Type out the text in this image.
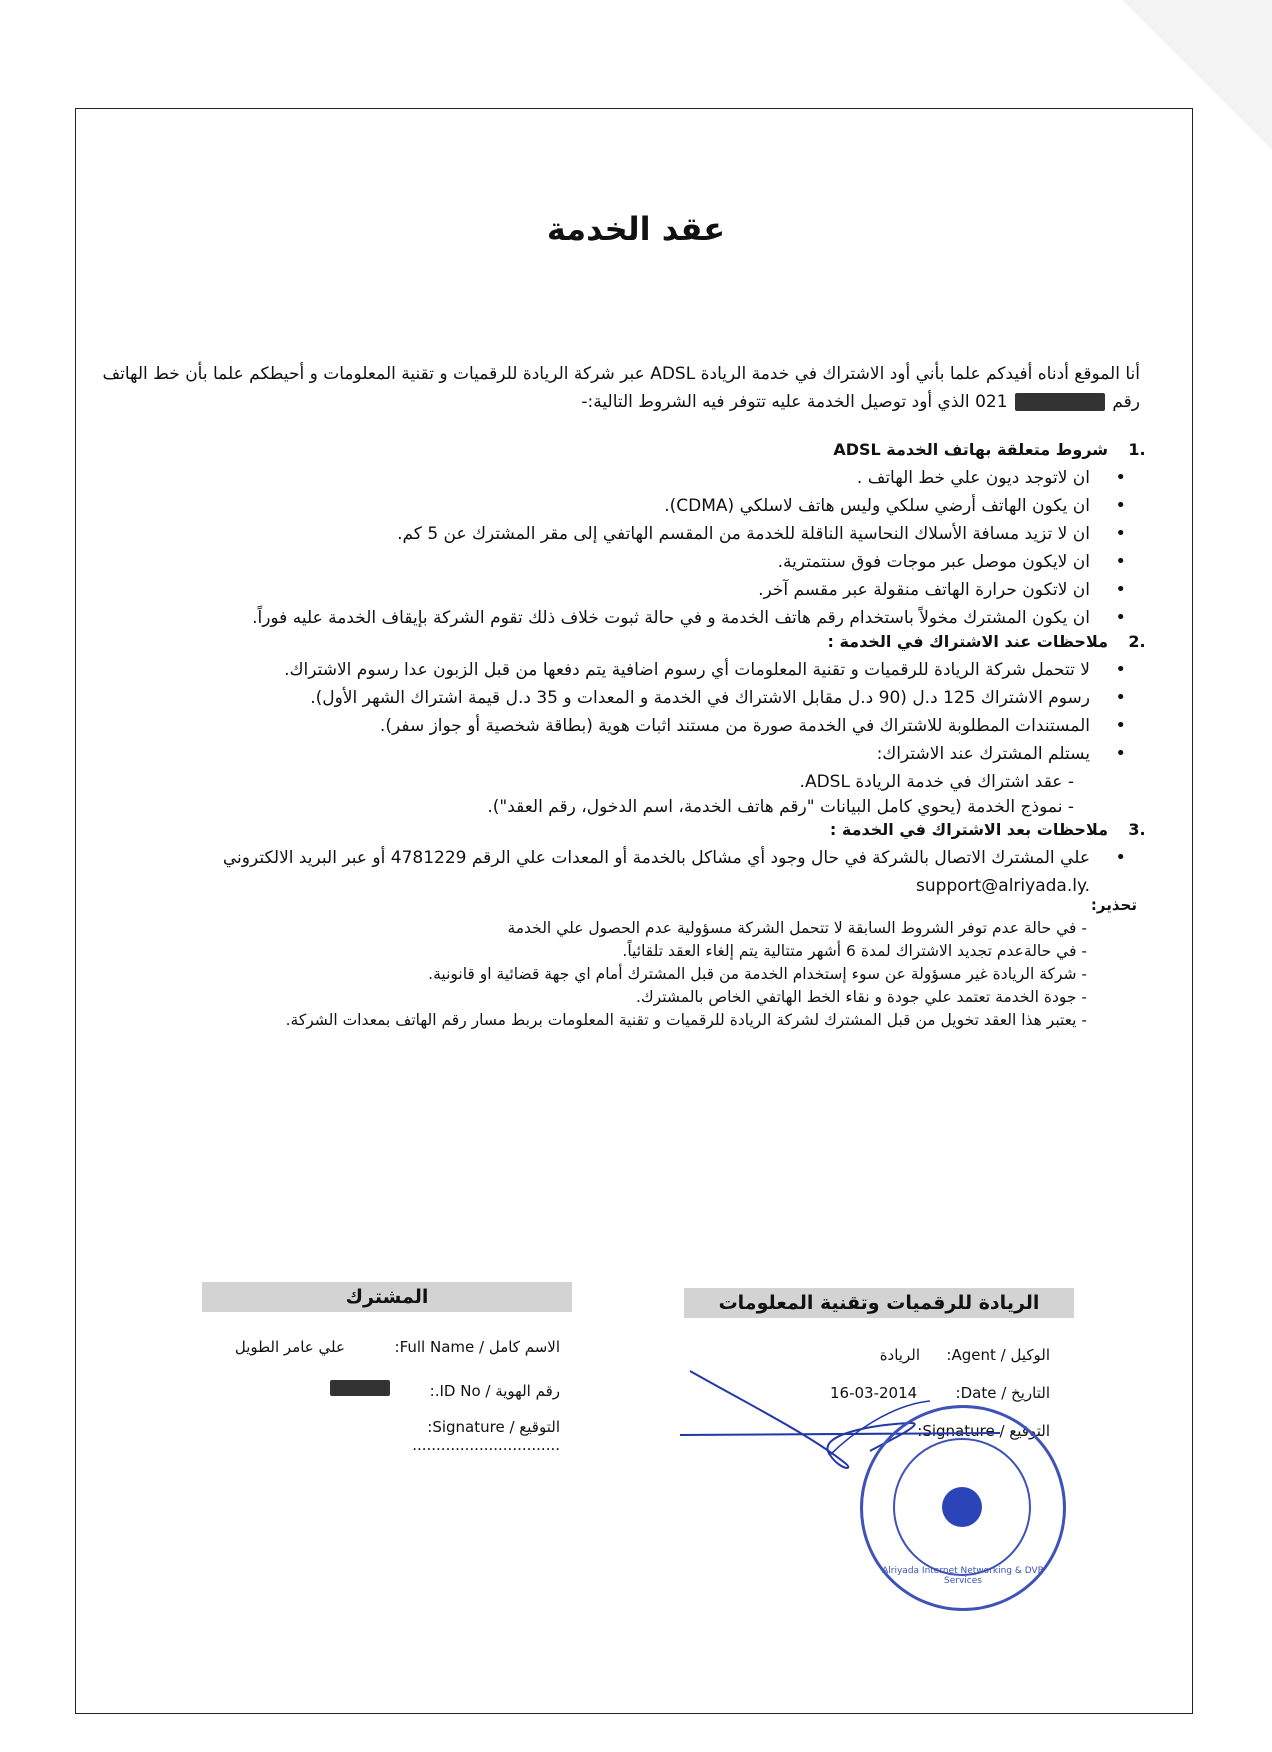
عقد الخدمة
أنا الموقع أدناه أفيدكم علما بأني أود الاشتراك في خدمة الريادة ADSL عبر شركة الريادة للرقميات و تقنية المعلومات و أحيطكم علما بأن خط الهاتف
رقم  021 الذي أود توصيل الخدمة عليه تتوفر فيه الشروط التالية:-
1.
شروط متعلقة بهاتف الخدمة ADSL
• ان لاتوجد ديون علي خط الهاتف .
• ان يكون الهاتف أرضي سلكي وليس هاتف لاسلكي (CDMA).
• ان لا تزيد مسافة الأسلاك النحاسية الناقلة للخدمة من المقسم الهاتفي إلى مقر المشترك عن 5 كم.
• ان لايكون موصل عبر موجات فوق سنتمترية.
• ان لاتكون حرارة الهاتف منقولة عبر مقسم آخر.
• ان يكون المشترك مخولاً باستخدام رقم هاتف الخدمة و في حالة ثبوت خلاف ذلك تقوم الشركة بإيقاف الخدمة عليه فوراً.
2.
ملاحظات عند الاشتراك في الخدمة :
• لا تتحمل شركة الريادة للرقميات و تقنية المعلومات أي رسوم اضافية يتم دفعها من قبل الزبون عدا رسوم الاشتراك.
• رسوم الاشتراك 125 د.ل (90 د.ل مقابل الاشتراك في الخدمة و المعدات و 35 د.ل قيمة اشتراك الشهر الأول).
• المستندات المطلوبة للاشتراك في الخدمة صورة من مستند اثبات هوية (بطاقة شخصية أو جواز سفر).
• يستلم المشترك عند الاشتراك:
- عقد اشتراك في خدمة الريادة ADSL.
- نموذج الخدمة (يحوي كامل البيانات "رقم هاتف الخدمة، اسم الدخول، رقم العقد").
3.
ملاحظات بعد الاشتراك في الخدمة :
• علي المشترك الاتصال بالشركة في حال وجود أي مشاكل بالخدمة أو المعدات علي الرقم 4781229 أو عبر البريد الالكتروني
support@alriyada.ly.
تحذير:
- في حالة عدم توفر الشروط السابقة لا تتحمل الشركة مسؤولية عدم الحصول علي الخدمة
- في حالةعدم تجديد الاشتراك لمدة 6 أشهر متتالية يتم إلغاء العقد تلقائياً.
- شركة الريادة غير مسؤولة عن سوء إستخدام الخدمة من قبل المشترك أمام اي جهة قضائية او قانونية.
- جودة الخدمة تعتمد علي جودة و نقاء الخط الهاتفي الخاص بالمشترك.
- يعتبر هذا العقد تخويل من قبل المشترك لشركة الريادة للرقميات و تقنية المعلومات بربط مسار رقم الهاتف بمعدات الشركة.
المشترك
الاسم كامل / Full Name:  علي عامر الطويل
رقم الهوية / ID No.:
التوقيع / Signature:  ...............................
الريادة للرقميات وتقنية المعلومات
الوكيل / Agent:
الريادة
التاريخ / Date:
16-03-2014
التوقيع / Signature:
Alriyada Internet Networking & DVB Services
